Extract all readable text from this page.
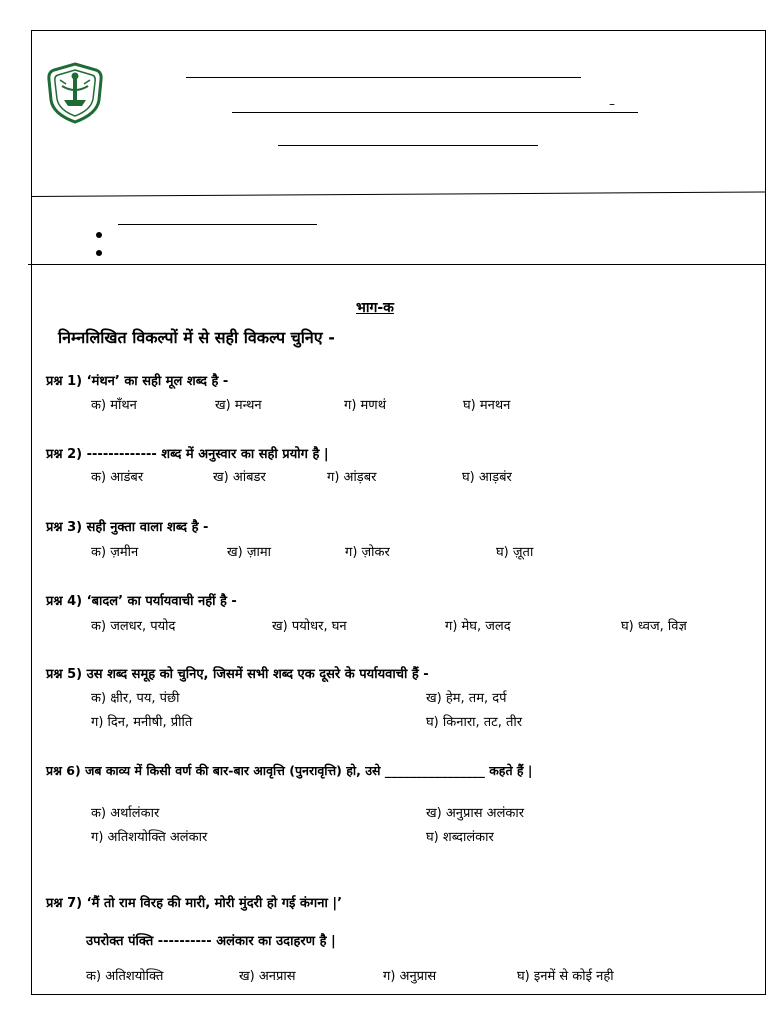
–
भाग-क
निम्नलिखित विकल्पों में से सही विकल्प चुनिए -
प्रश्न 1) ‘मंथन’ का सही मूल शब्द है -
क) मॉंथन	ख) मन्थन	ग) मणथं	घ) मनथन
प्रश्न 2) ------------- शब्द में अनुस्वार का सही प्रयोग है |
क) आडंबर	ख) आंबडर	ग) आंड़बर	घ) आड़बंर
प्रश्न 3) सही नुक्ता वाला शब्द है -
क) ज़मीन	ख) ज़ामा	ग) ज़ोकर	घ) ज़ूता
प्रश्न 4) ‘बादल’ का पर्यायवाची नहीं है -
क) जलधर, पयोद	ख) पयोधर, घन	ग) मेघ, जलद	घ) ध्वज, विज्ञ
प्रश्न 5) उस शब्द समूह को चुनिए, जिसमें सभी शब्द एक दूसरे के पर्यायवाची हैं -
क) क्षीर, पय, पंछी	ख) हेम, तम, दर्प
ग) दिन, मनीषी, प्रीति	घ) किनारा, तट, तीर
प्रश्न 6) जब काव्य में किसी वर्ण की बार-बार आवृत्ति (पुनरावृत्ति) हो, उसे ________________ कहते हैं |
क) अर्थालंकार	ख) अनुप्रास अलंकार
ग) अतिशयोक्ति अलंकार	घ) शब्दालंकार
प्रश्न 7) ‘मैं तो राम विरह की मारी, मोरी मुंदरी हो गई कंगना |’
उपरोक्त पंक्ति ---------- अलंकार का उदाहरण है |
क) अतिशयोक्ति	ख) अनप्रास	ग) अनुप्रास	घ) इनमें से कोई नही
